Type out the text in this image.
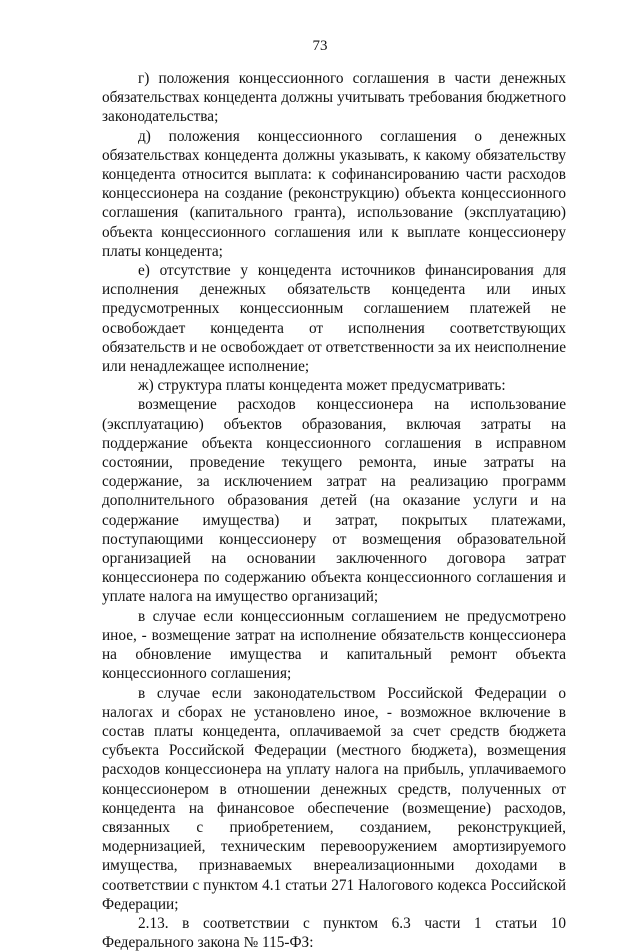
73

г) положения концессионного соглашения в части денежных обязательствах концедента должны учитывать требования бюджетного законодательства;

д) положения концессионного соглашения о денежных обязательствах концедента должны указывать, к какому обязательству концедента относится выплата: к софинансированию части расходов концессионера на создание (реконструкцию) объекта концессионного соглашения (капитального гранта), использование (эксплуатацию) объекта концессионного соглашения или к выплате концессионеру платы концедента;

е) отсутствие у концедента источников финансирования для исполнения денежных обязательств концедента или иных предусмотренных концессионным соглашением платежей не освобождает концедента от исполнения соответствующих обязательств и не освобождает от ответственности за их неисполнение или ненадлежащее исполнение;

ж) структура платы концедента может предусматривать:

возмещение расходов концессионера на использование (эксплуатацию) объектов образования, включая затраты на поддержание объекта концессионного соглашения в исправном состоянии, проведение текущего ремонта, иные затраты на содержание, за исключением затрат на реализацию программ дополнительного образования детей (на оказание услуги и на содержание имущества) и затрат, покрытых платежами, поступающими концессионеру от возмещения образовательной организацией на основании заключенного договора затрат концессионера по содержанию объекта концессионного соглашения и уплате налога на имущество организаций;

в случае если концессионным соглашением не предусмотрено иное, - возмещение затрат на исполнение обязательств концессионера на обновление имущества и капитальный ремонт объекта концессионного соглашения;

в случае если законодательством Российской Федерации о налогах и сборах не установлено иное, - возможное включение в состав платы концедента, оплачиваемой за счет средств бюджета субъекта Российской Федерации (местного бюджета), возмещения расходов концессионера на уплату налога на прибыль, уплачиваемого концессионером в отношении денежных средств, полученных от концедента на финансовое обеспечение (возмещение) расходов, связанных с приобретением, созданием, реконструкцией, модернизацией, техническим перевооружением амортизируемого имущества, признаваемых внереализационными доходами в соответствии с пунктом 4.1 статьи 271 Налогового кодекса Российской Федерации;

2.13. в соответствии с пунктом 6.3 части 1 статьи 10 Федерального закона № 115-ФЗ:
